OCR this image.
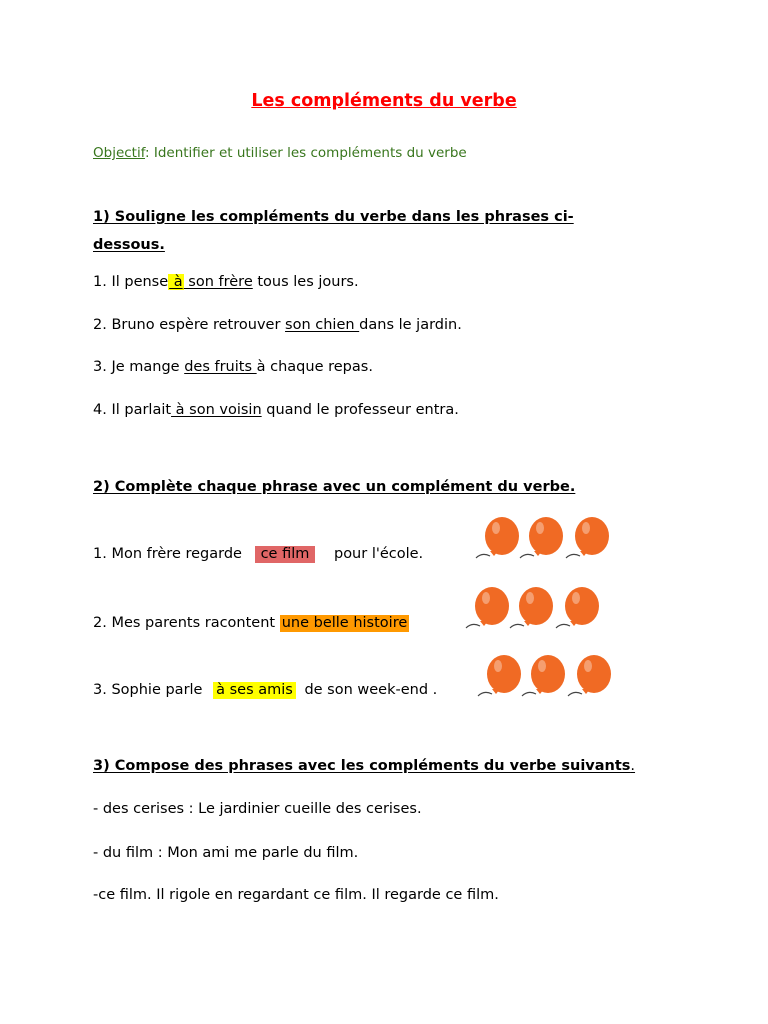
Les compléments du verbe
Objectif: Identifier et utiliser les compléments du verbe
1) Souligne les compléments du verbe dans les phrases ci-dessous.
1. Il pense à son frère tous les jours.
2. Bruno espère retrouver son chien dans le jardin.
3. Je mange des fruits à chaque repas.
4. Il parlait à son voisin quand le professeur entra.
2) Complète chaque phrase avec un complément du verbe.
1. Mon frère regarde ce film pour l'école.
2. Mes parents racontent une belle histoire
3. Sophie parle à ses amis de son week-end .
3) Compose des phrases avec les compléments du verbe suivants.
- des cerises : Le jardinier cueille des cerises.
- du film : Mon ami me parle du film.
-ce film. Il rigole en regardant ce film. Il regarde ce film.
